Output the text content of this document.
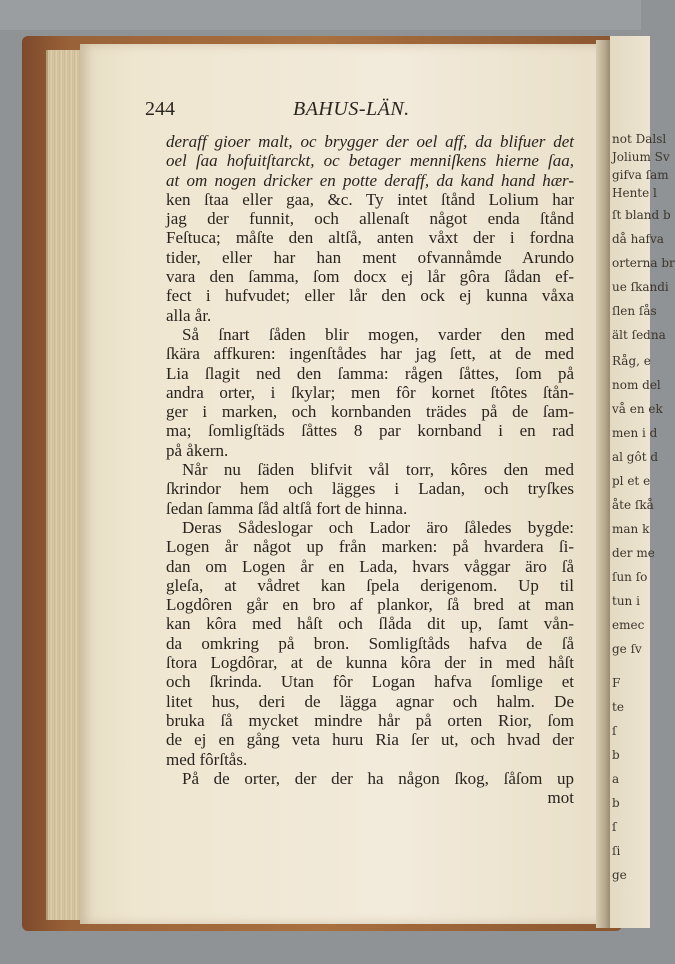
not Dalsl

Jolium Sv

gifva ſam

Hente l

ſt bland b

då hafva

orterna br

ue ſkandi

ſlen ſås

ält ſedna

Råg, e

nom del

vå en ek

men i d

al gôt d

pl et e

åte ſkå

man k

der me

ſun ſo

tun i

emec

ge ſv

F

te

ſ

b

a

b

ſ

ſi

ge

244	BAHUS-LÄN.
deraff gioer malt, oc brygger der oel aff, da blifuer det
oel ſaa hofuitſtarckt, oc betager menniſkens hierne ſaa,
at om nogen dricker en potte deraff, da kand hand hær-
ken ſtaa eller gaa, &c. Ty intet ſtånd Lolium har
jag der funnit, och allenaſt något enda ſtånd
Feſtuca; måſte den altſå, anten våxt der i fordna
tider, eller har han ment ofvannåmde Arundo
vara den ſamma, ſom docx ej lår gôra ſådan ef-
fect i hufvudet; eller lår den ock ej kunna våxa
alla år.
Så ſnart ſåden blir mogen, varder den med
ſkära affkuren: ingenſtådes har jag ſett, at de med
Lia ſlagit ned den ſamma: rågen ſåttes, ſom på
andra orter, i ſkylar; men fôr kornet ſtôtes ſtån-
ger i marken, och kornbanden trädes på de ſam-
ma; ſomligſtäds ſåttes 8 par kornband i en rad
på åkern.
Når nu ſäden blifvit vål torr, kôres den med
ſkrindor hem och lägges i Ladan, och tryſkes
ſedan ſamma ſåd altſå fort de hinna.
Deras Sådeslogar och Lador äro ſåledes bygde:
Logen år något up från marken: på hvardera ſi-
dan om Logen år en Lada, hvars våggar äro ſå
gleſa, at vådret kan ſpela derigenom. Up til
Logdôren går en bro af plankor, ſå bred at man
kan kôra med håſt och ſlåda dit up, ſamt vån-
da omkring på bron. Somligſtåds hafva de ſå
ſtora Logdôrar, at de kunna kôra der in med håſt
och ſkrinda. Utan fôr Logan hafva ſomlige et
litet hus, deri de lägga agnar och halm. De
bruka ſå mycket mindre hår på orten Rior, ſom
de ej en gång veta huru Ria ſer ut, och hvad der
med fôrſtås.
På de orter, der der ha någon ſkog, ſåſom up
mot
